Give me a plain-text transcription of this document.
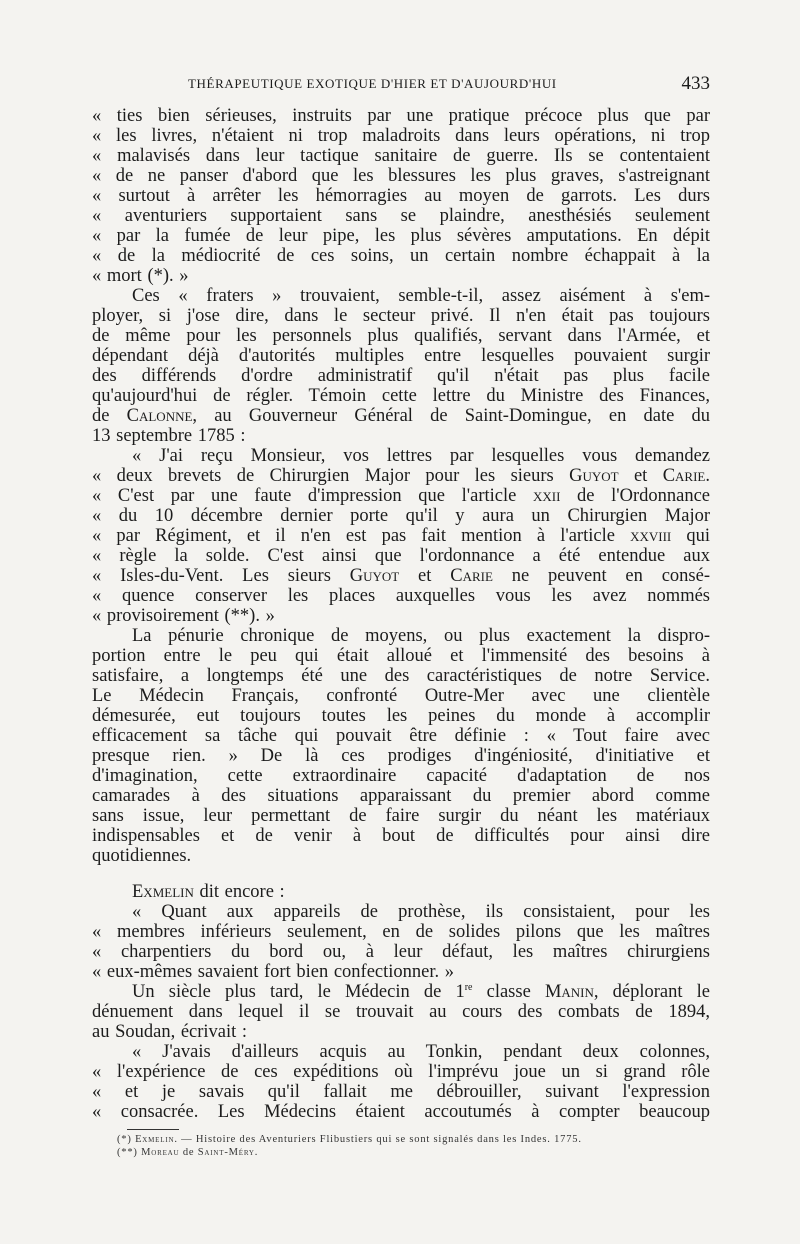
THÉRAPEUTIQUE EXOTIQUE D'HIER ET D'AUJOURD'HUI	433
« ties bien sérieuses, instruits par une pratique précoce plus que par
« les livres, n'étaient ni trop maladroits dans leurs opérations, ni trop
« malavisés dans leur tactique sanitaire de guerre. Ils se contentaient
« de ne panser d'abord que les blessures les plus graves, s'astreignant
« surtout à arrêter les hémorragies au moyen de garrots. Les durs
« aventuriers supportaient sans se plaindre, anesthésiés seulement
« par la fumée de leur pipe, les plus sévères amputations. En dépit
« de la médiocrité de ces soins, un certain nombre échappait à la
« mort (*). »
Ces « fraters » trouvaient, semble-t-il, assez aisément à s'em-
ployer, si j'ose dire, dans le secteur privé. Il n'en était pas toujours
de même pour les personnels plus qualifiés, servant dans l'Armée, et
dépendant déjà d'autorités multiples entre lesquelles pouvaient surgir
des différends d'ordre administratif qu'il n'était pas plus facile
qu'aujourd'hui de régler. Témoin cette lettre du Ministre des Finances,
de Calonne, au Gouverneur Général de Saint-Domingue, en date du
13 septembre 1785 :
« J'ai reçu Monsieur, vos lettres par lesquelles vous demandez
« deux brevets de Chirurgien Major pour les sieurs Guyot et Carie.
« C'est par une faute d'impression que l'article xxii de l'Ordonnance
« du 10 décembre dernier porte qu'il y aura un Chirurgien Major
« par Régiment, et il n'en est pas fait mention à l'article xxviii qui
« règle la solde. C'est ainsi que l'ordonnance a été entendue aux
« Isles-du-Vent. Les sieurs Guyot et Carie ne peuvent en consé-
« quence conserver les places auxquelles vous les avez nommés
« provisoirement (**). »
La pénurie chronique de moyens, ou plus exactement la dispro-
portion entre le peu qui était alloué et l'immensité des besoins à
satisfaire, a longtemps été une des caractéristiques de notre Service.
Le Médecin Français, confronté Outre-Mer avec une clientèle
démesurée, eut toujours toutes les peines du monde à accomplir
efficacement sa tâche qui pouvait être définie : « Tout faire avec
presque rien. » De là ces prodiges d'ingéniosité, d'initiative et
d'imagination, cette extraordinaire capacité d'adaptation de nos
camarades à des situations apparaissant du premier abord comme
sans issue, leur permettant de faire surgir du néant les matériaux
indispensables et de venir à bout de difficultés pour ainsi dire
quotidiennes.
Exmelin dit encore :
« Quant aux appareils de prothèse, ils consistaient, pour les
« membres inférieurs seulement, en de solides pilons que les maîtres
« charpentiers du bord ou, à leur défaut, les maîtres chirurgiens
« eux-mêmes savaient fort bien confectionner. »
Un siècle plus tard, le Médecin de 1re classe Manin, déplorant le
dénuement dans lequel il se trouvait au cours des combats de 1894,
au Soudan, écrivait :
« J'avais d'ailleurs acquis au Tonkin, pendant deux colonnes,
« l'expérience de ces expéditions où l'imprévu joue un si grand rôle
« et je savais qu'il fallait me débrouiller, suivant l'expression
« consacrée. Les Médecins étaient accoutumés à compter beaucoup
(*) Exmelin. — Histoire des Aventuriers Flibustiers qui se sont signalés dans les Indes. 1775.
(**) Moreau de Saint-Méry.
